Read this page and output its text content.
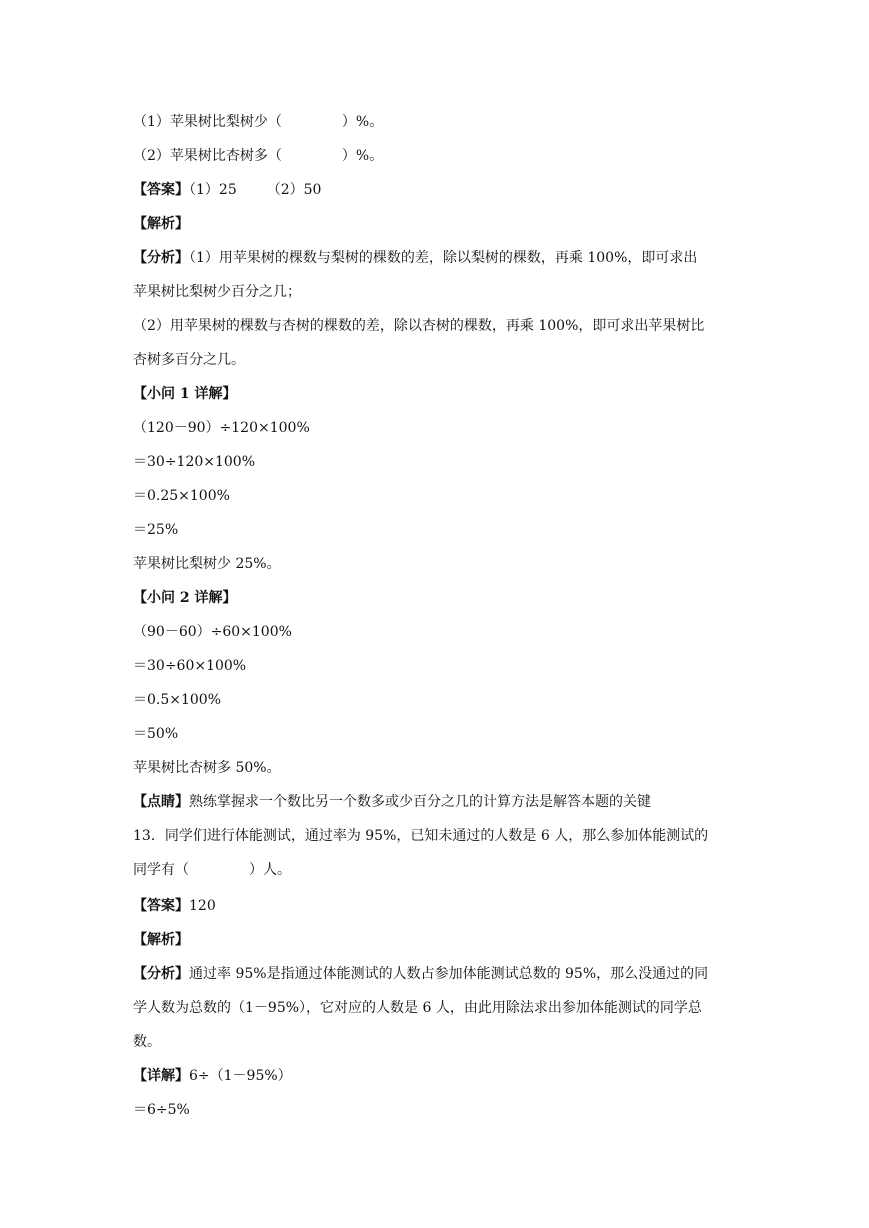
（1）苹果树比梨树少（	）%。
（2）苹果树比杏树多（	）%。
【答案】（1）25 （2）50
【解析】
【分析】（1）用苹果树的棵数与梨树的棵数的差，除以梨树的棵数，再乘 100%，即可求出
苹果树比梨树少百分之几；
（2）用苹果树的棵数与杏树的棵数的差，除以杏树的棵数，再乘 100%，即可求出苹果树比
杏树多百分之几。
【小问 1 详解】
（120－90）÷120×100%
＝30÷120×100%
＝0.25×100%
＝25%
苹果树比梨树少 25%。
【小问 2 详解】
（90－60）÷60×100%
＝30÷60×100%
＝0.5×100%
＝50%
苹果树比杏树多 50%。
【点睛】熟练掌握求一个数比另一个数多或少百分之几的计算方法是解答本题的关键
13．同学们进行体能测试，通过率为 95%，已知未通过的人数是 6 人，那么参加体能测试的
同学有（	）人。
【答案】120
【解析】
【分析】通过率 95%是指通过体能测试的人数占参加体能测试总数的 95%，那么没通过的同
学人数为总数的（1－95%），它对应的人数是 6 人，由此用除法求出参加体能测试的同学总
数。
【详解】6÷（1－95%）
＝6÷5%
